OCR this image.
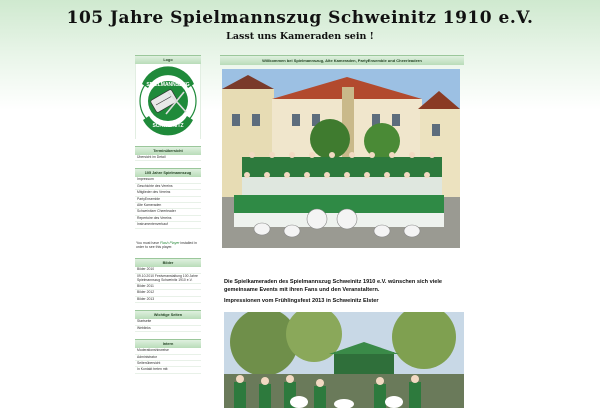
105 Jahre Spielmannszug Schweinitz 1910 e.V.
Lasst uns Kameraden sein !
Logo
SPIELMANNSZUG
SCHWEINITZ
Terminübersicht
Übersicht im Detail
105 Jahre Spielmannszug
Impressum
Geschichte des Vereins
Mitglieder des Vereins
PartyEnsemble
Alte Kameraden
Schweinitzer Cheerleader
Repertoire des Vereins
Instrumentenverkauf
You must have Flash Player installed in order to see this player.
Bilder
Bilder 2010
09.10.2010 Festveranstaltung 100 Jahre Spielmannszug Schweinitz 1910 e.V.
Bilder 2011
Bilder 2012
Bilder 2013
Wichtige Seiten
Startseite
Weblinks
Intern
Moderationshinweise
Administrator
Seitenübersicht
In Kontakt treten mit:
Willkommen bei Spielmannszug, Alte Kameraden, PartyEnsemble und Cheerleadern

Die Spielkameraden des Spielmannszug Schweinitz 1910 e.V. wünschen sich viele gemeinsame Events mit ihren Fans und den Veranstaltern.

Impressionen vom Frühlingsfest 2013 in Schweinitz Elster
